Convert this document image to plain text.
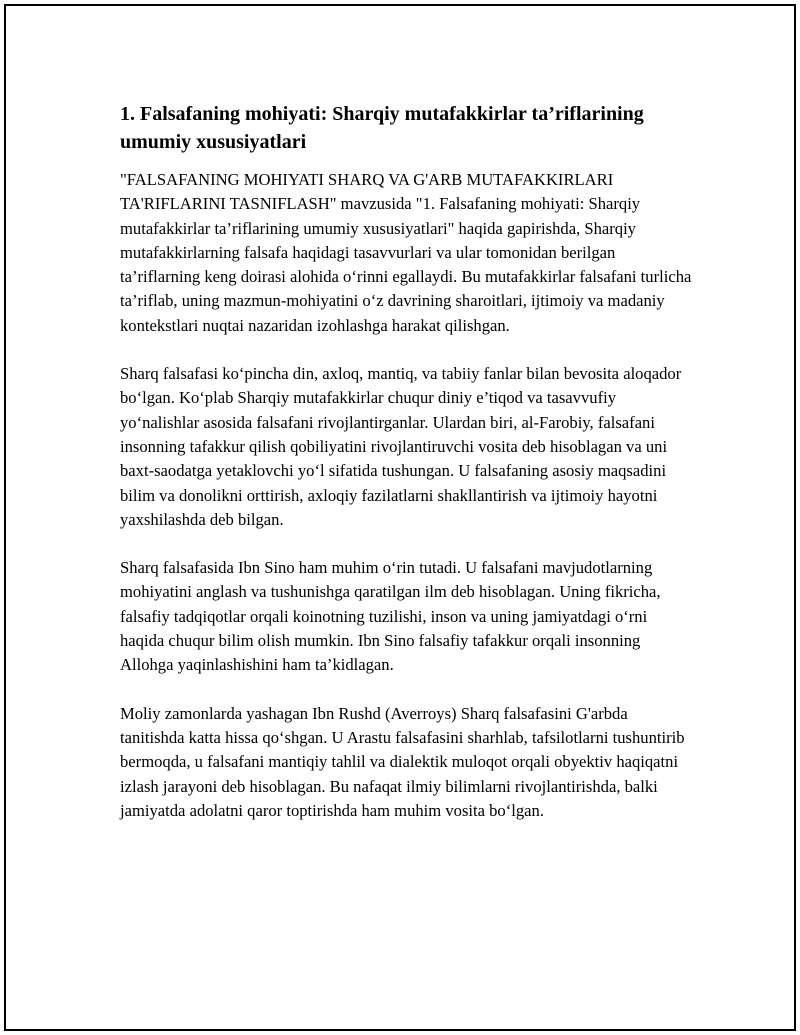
1. Falsafaning mohiyati: Sharqiy mutafakkirlar ta’riflarining umumiy xususiyatlari

"FALSAFANING MOHIYATI SHARQ VA G'ARB MUTAFAKKIRLARI TA'RIFLARINI TASNIFLASH" mavzusida "1. Falsafaning mohiyati: Sharqiy mutafakkirlar ta’riflarining umumiy xususiyatlari" haqida gapirishda, Sharqiy mutafakkirlarning falsafa haqidagi tasavvurlari va ular tomonidan berilgan ta’riflarning keng doirasi alohida oʻrinni egallaydi. Bu mutafakkirlar falsafani turlicha ta’riflab, uning mazmun-mohiyatini oʻz davrining sharoitlari, ijtimoiy va madaniy kontekstlari nuqtai nazaridan izohlashga harakat qilishgan.

Sharq falsafasi koʻpincha din, axloq, mantiq, va tabiiy fanlar bilan bevosita aloqador boʻlgan. Koʻplab Sharqiy mutafakkirlar chuqur diniy e’tiqod va tasavvufiy yoʻnalishlar asosida falsafani rivojlantirganlar. Ulardan biri, al-Farobiy, falsafani insonning tafakkur qilish qobiliyatini rivojlantiruvchi vosita deb hisoblagan va uni baxt-saodatga yetaklovchi yoʻl sifatida tushungan. U falsafaning asosiy maqsadini bilim va donolikni orttirish, axloqiy fazilatlarni shakllantirish va ijtimoiy hayotni yaxshilashda deb bilgan.

Sharq falsafasida Ibn Sino ham muhim oʻrin tutadi. U falsafani mavjudotlarning mohiyatini anglash va tushunishga qaratilgan ilm deb hisoblagan. Uning fikricha, falsafiy tadqiqotlar orqali koinotning tuzilishi, inson va uning jamiyatdagi oʻrni haqida chuqur bilim olish mumkin. Ibn Sino falsafiy tafakkur orqali insonning Allohga yaqinlashishini ham ta’kidlagan.

Moliy zamonlarda yashagan Ibn Rushd (Averroys) Sharq falsafasini G'arbda tanitishda katta hissa qoʻshgan. U Arastu falsafasini sharhlab, tafsilotlarni tushuntirib bermoqda, u falsafani mantiqiy tahlil va dialektik muloqot orqali obyektiv haqiqatni izlash jarayoni deb hisoblagan. Bu nafaqat ilmiy bilimlarni rivojlantirishda, balki jamiyatda adolatni qaror toptirishda ham muhim vosita boʻlgan.
